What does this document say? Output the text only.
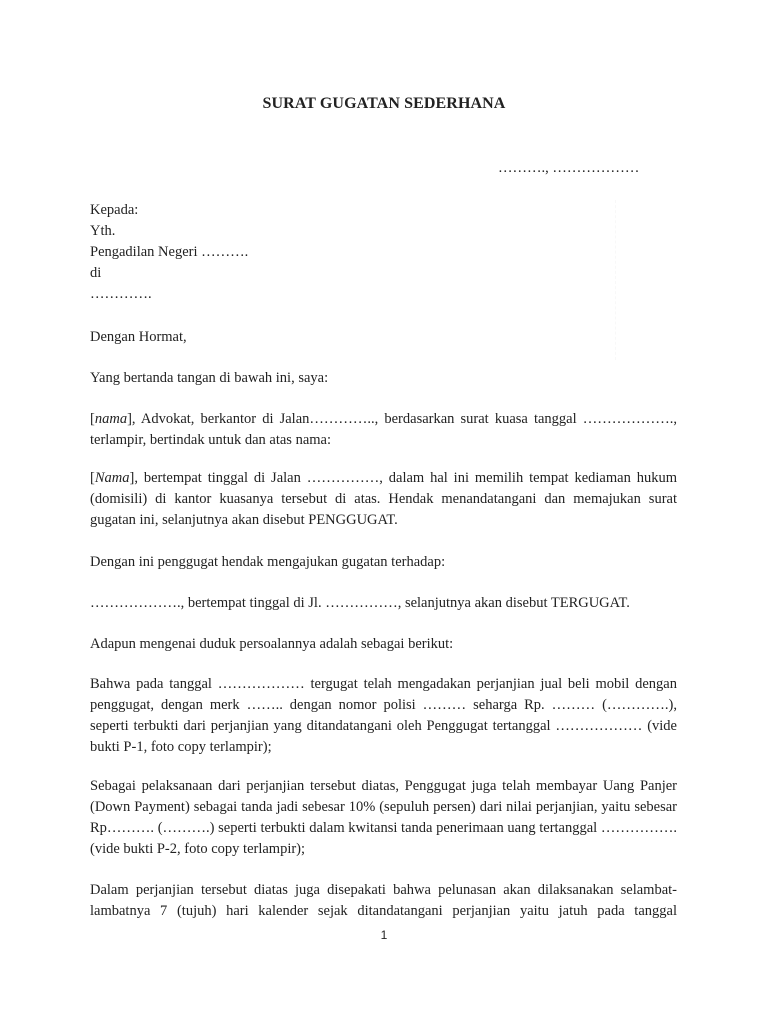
SURAT GUGATAN SEDERHANA
………., ………………
Kepada:
Yth.
Pengadilan Negeri ……….
di
………….
Dengan Hormat,
Yang bertanda tangan di bawah ini, saya:
[nama], Advokat, berkantor di Jalan………….., berdasarkan surat kuasa tanggal ………………., terlampir, bertindak untuk dan atas nama:
[Nama], bertempat tinggal di Jalan ……………, dalam hal ini memilih tempat kediaman hukum (domisili) di kantor kuasanya tersebut di atas. Hendak menandatangani dan memajukan surat gugatan ini, selanjutnya akan disebut PENGGUGAT.
Dengan ini penggugat hendak mengajukan gugatan terhadap:
………………., bertempat tinggal di Jl. ……………, selanjutnya akan disebut TERGUGAT.
Adapun mengenai duduk persoalannya adalah sebagai berikut:
Bahwa pada tanggal ……………… tergugat telah mengadakan perjanjian jual beli mobil dengan penggugat, dengan merk …….. dengan nomor polisi ……… seharga Rp. ……… (………….), seperti terbukti dari perjanjian yang ditandatangani oleh Penggugat tertanggal ……………… (vide bukti P-1, foto copy terlampir);
Sebagai pelaksanaan dari perjanjian tersebut diatas, Penggugat juga telah membayar Uang Panjer (Down Payment) sebagai tanda jadi sebesar 10% (sepuluh persen) dari nilai perjanjian, yaitu sebesar Rp………. (……….) seperti terbukti dalam kwitansi tanda penerimaan uang tertanggal ……………. (vide bukti P-2, foto copy terlampir);
Dalam perjanjian tersebut diatas juga disepakati bahwa pelunasan akan dilaksanakan selambat-lambatnya 7 (tujuh) hari kalender sejak ditandatangani perjanjian yaitu jatuh pada tanggal
1
